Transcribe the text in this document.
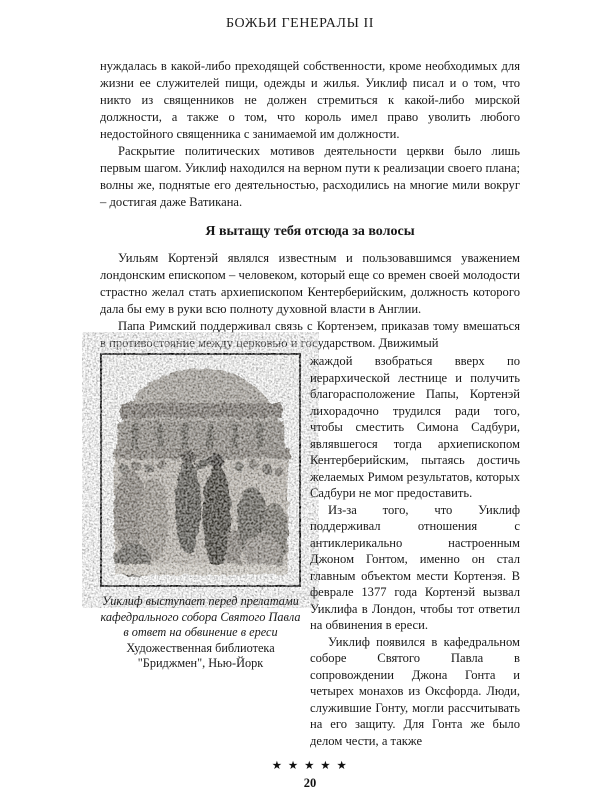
БОЖЬИ ГЕНЕРАЛЫ II

нуждалась в какой-либо преходящей собственности, кроме необходимых для жизни ее служителей пищи, одежды и жилья. Уиклиф писал и о том, что никто из священников не должен стремиться к какой-либо мирской должности, а также о том, что король имел право уволить любого недостойного священника с занимаемой им должности.

Раскрытие политических мотивов деятельности церкви было лишь первым шагом. Уиклиф находился на верном пути к реализации своего плана; волны же, поднятые его деятельностью, расходились на многие мили вокруг – достигая даже Ватикана.

Я вытащу тебя отсюда за волосы

Уильям Кортенэй являлся известным и пользовавшимся уважением лондонским епископом – человеком, который еще со времен своей молодости страстно желал стать архиепископом Кентерберийским, должность которого дала бы ему в руки всю полноту духовной власти в Англии.

Папа Римский поддерживал связь с Кортенэем, приказав тому вмешаться в противостояние между церковью и государством. Движимый

Уиклиф выступает перед прелатами кафедрального собора Святого Павла в ответ на обвинение в ереси
Художественная библиотека
"Бриджмен", Нью-Йорк

жаждой взобраться вверх по иерархической лестнице и получить благорасположение Папы, Кортенэй лихорадочно трудился ради того, чтобы сместить Симона Садбури, являвшегося тогда архиепископом Кентерберийским, пытаясь достичь желаемых Римом результатов, которых Садбури не мог предоставить.

Из-за того, что Уиклиф поддерживал отношения с антиклерикально настроенным Джоном Гонтом, именно он стал главным объектом мести Кортенэя. В феврале 1377 года Кортенэй вызвал Уиклифа в Лондон, чтобы тот ответил на обвинения в ереси.

Уиклиф появился в кафедральном соборе Святого Павла в сопровождении Джона Гонта и четырех монахов из Оксфорда. Люди, служившие Гонту, могли рассчитывать на его защиту. Для Гонта же было делом чести, а также

★ ★ ★ ★ ★
20
